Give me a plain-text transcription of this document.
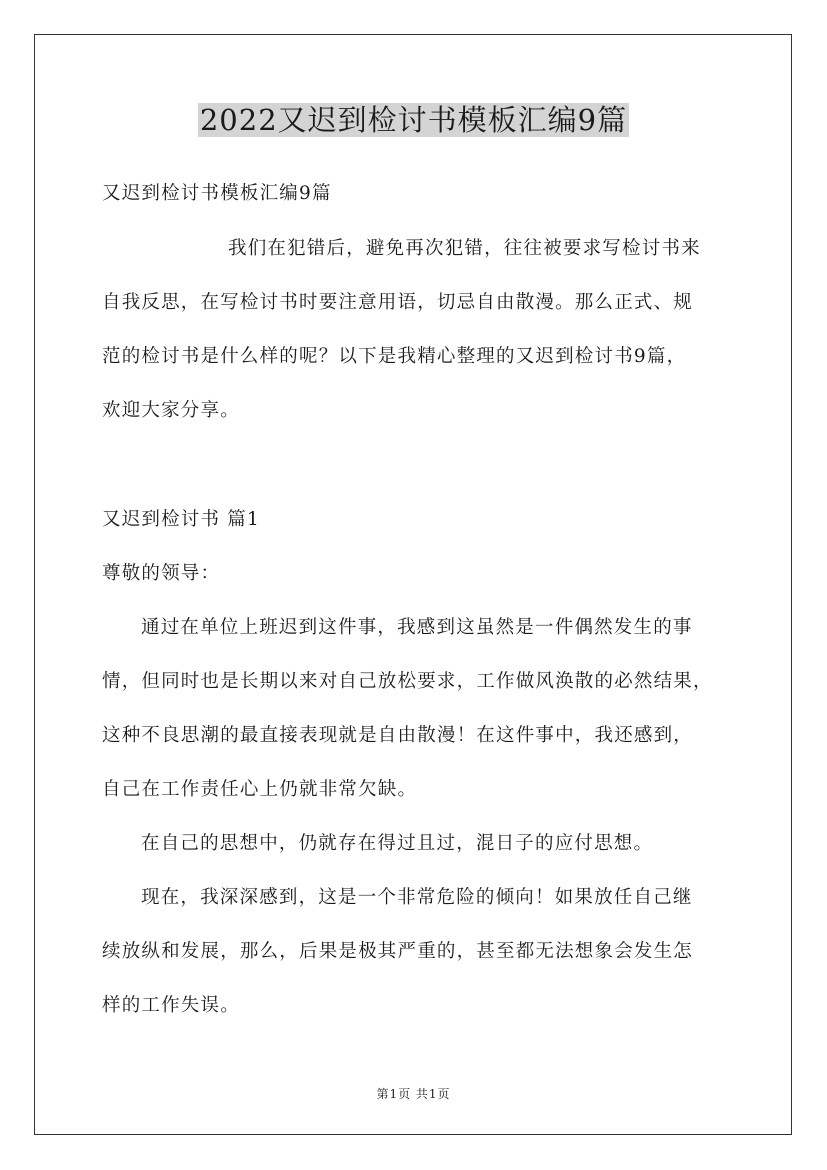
2022又迟到检讨书模板汇编9篇
又迟到检讨书模板汇编9篇
我们在犯错后，避免再次犯错，往往被要求写检讨书来
自我反思，在写检讨书时要注意用语，切忌自由散漫。那么正式、规
范的检讨书是什么样的呢？以下是我精心整理的又迟到检讨书9篇，
欢迎大家分享。
又迟到检讨书 篇1
尊敬的领导：
通过在单位上班迟到这件事，我感到这虽然是一件偶然发生的事
情，但同时也是长期以来对自己放松要求，工作做风涣散的必然结果，
这种不良思潮的最直接表现就是自由散漫！在这件事中，我还感到，
自己在工作责任心上仍就非常欠缺。
在自己的思想中，仍就存在得过且过，混日子的应付思想。
现在，我深深感到，这是一个非常危险的倾向！如果放任自己继
续放纵和发展，那么，后果是极其严重的，甚至都无法想象会发生怎
样的工作失误。
第1页 共1页
